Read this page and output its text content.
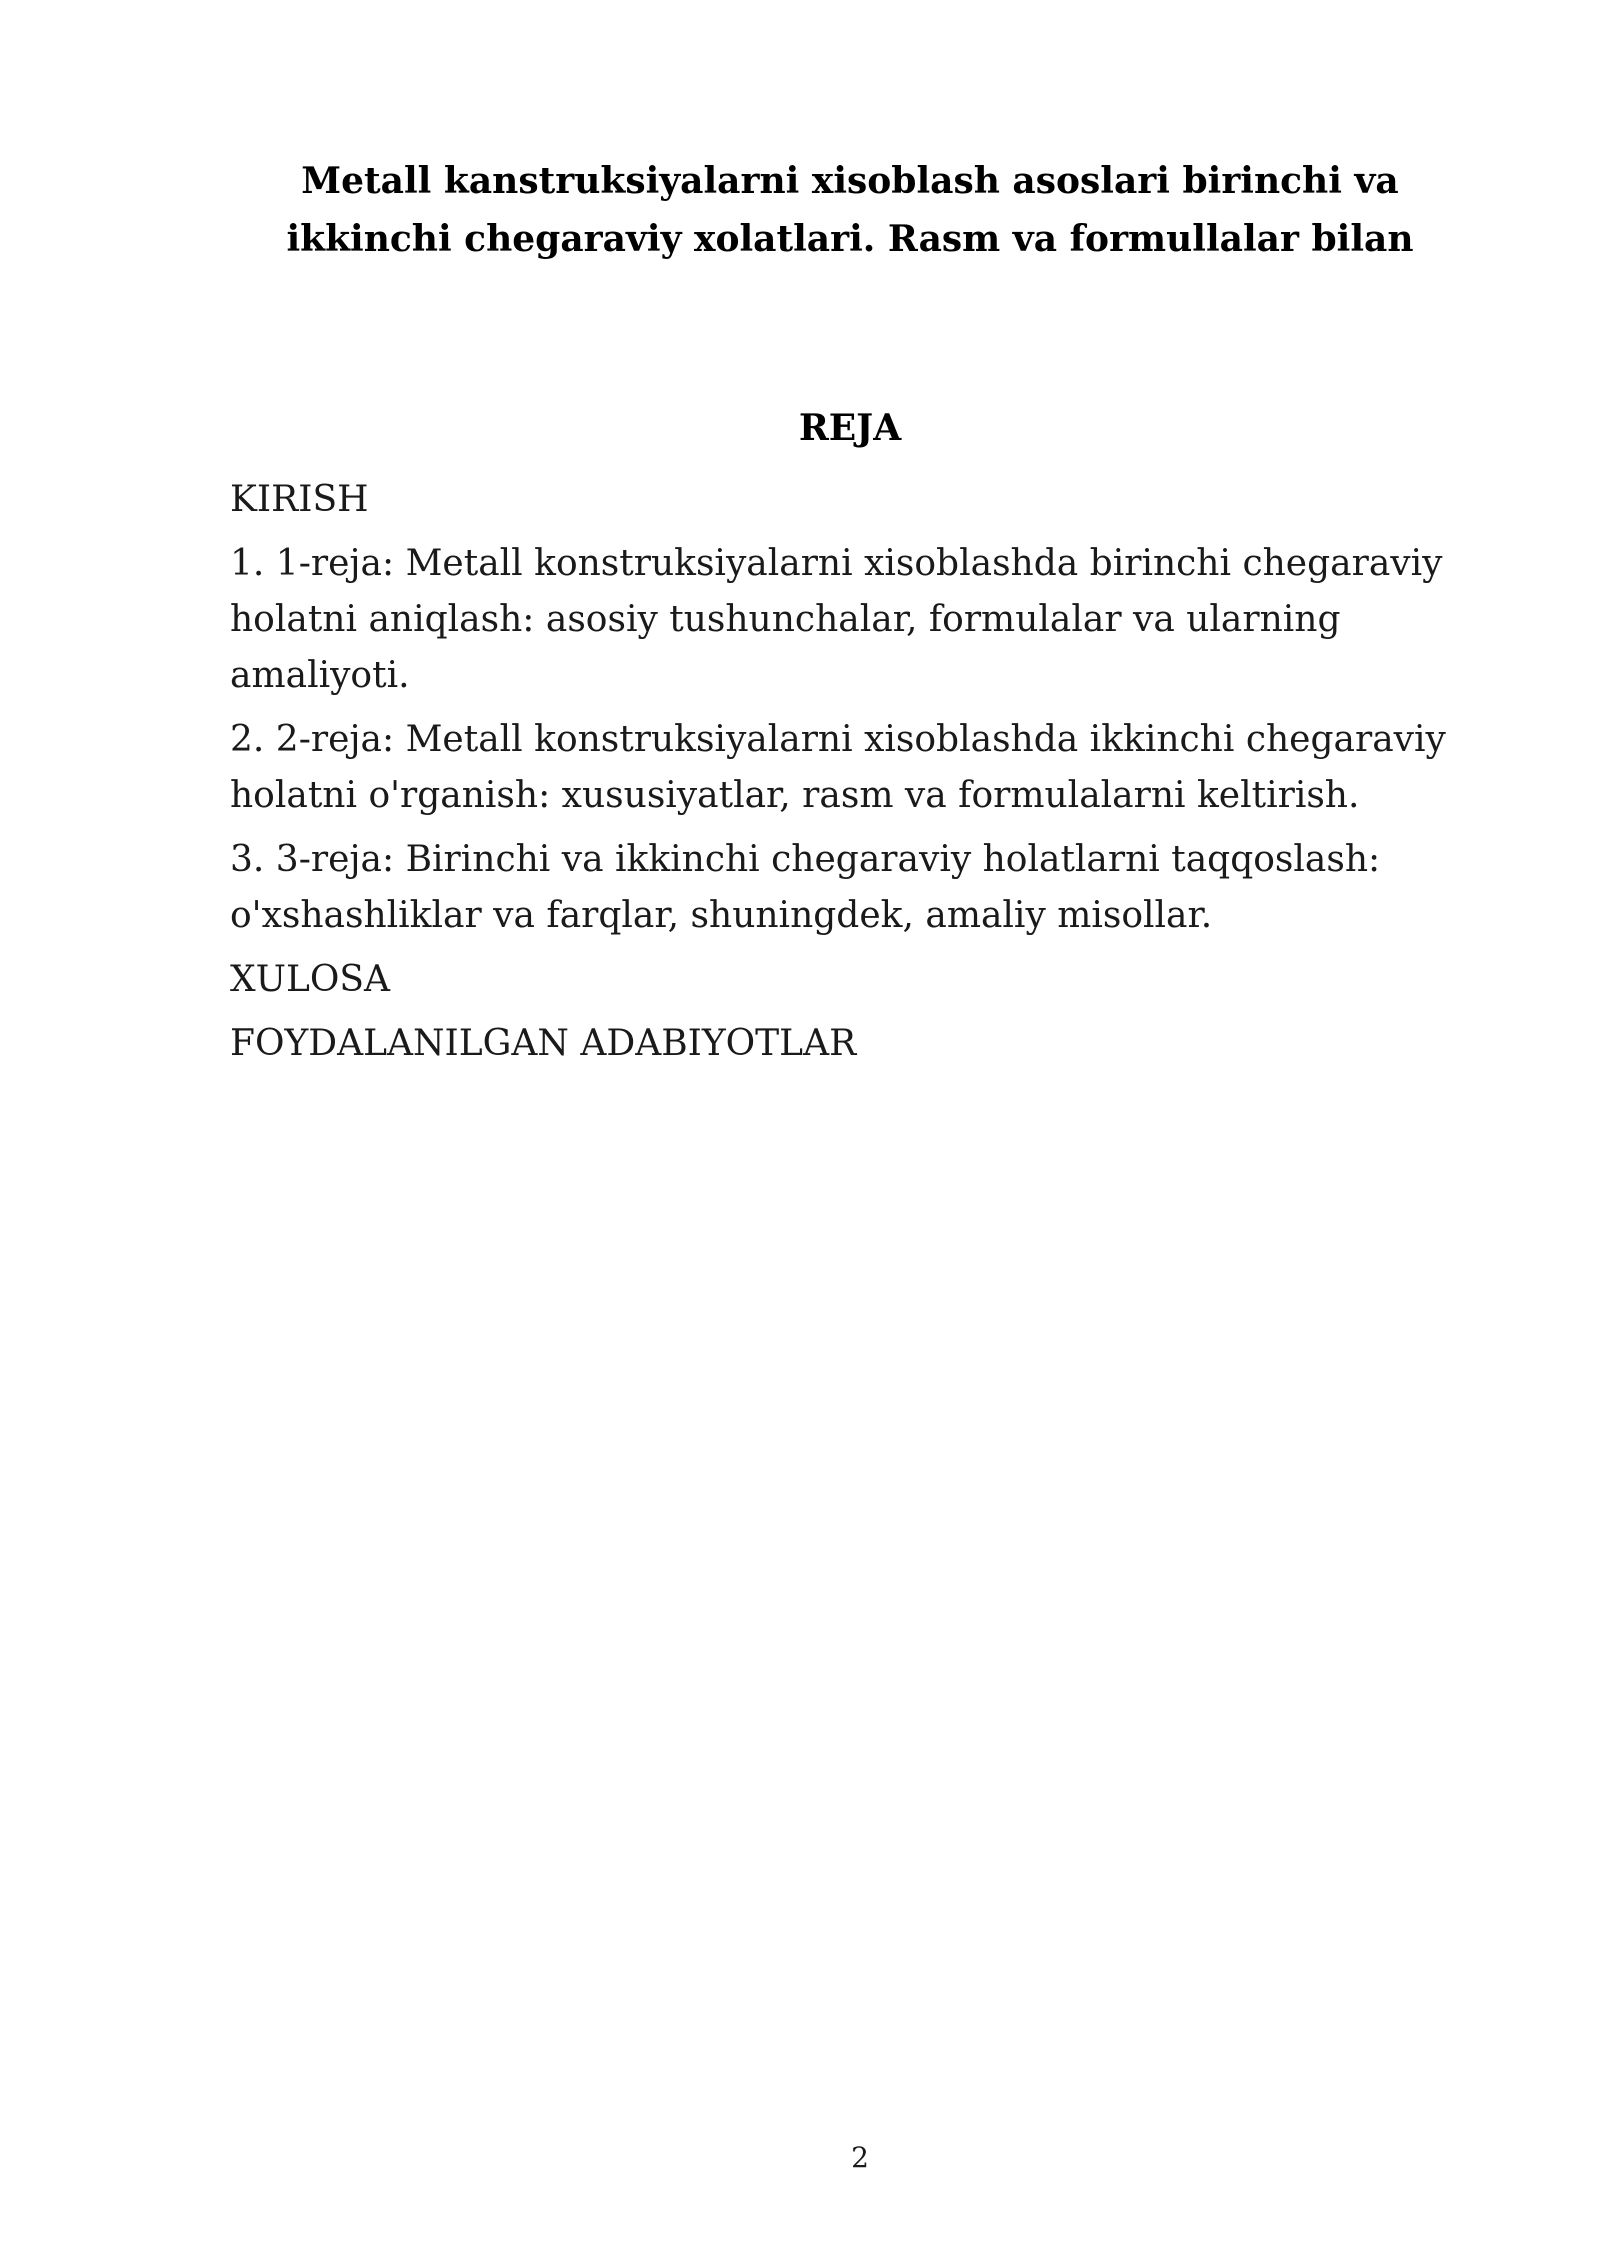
Metall kanstruksiyalarni xisoblash asoslari birinchi va ikkinchi chegaraviy xolatlari. Rasm va formullalar bilan
REJA
KIRISH
1. 1-reja: Metall konstruksiyalarni xisoblashda birinchi chegaraviy holatni aniqlash: asosiy tushunchalar, formulalar va ularning amaliyoti.
2. 2-reja: Metall konstruksiyalarni xisoblashda ikkinchi chegaraviy holatni o'rganish: xususiyatlar, rasm va formulalarni keltirish.
3. 3-reja: Birinchi va ikkinchi chegaraviy holatlarni taqqoslash: o'xshashliklar va farqlar, shuningdek, amaliy misollar.
XULOSA
FOYDALANILGAN ADABIYOTLAR
2
